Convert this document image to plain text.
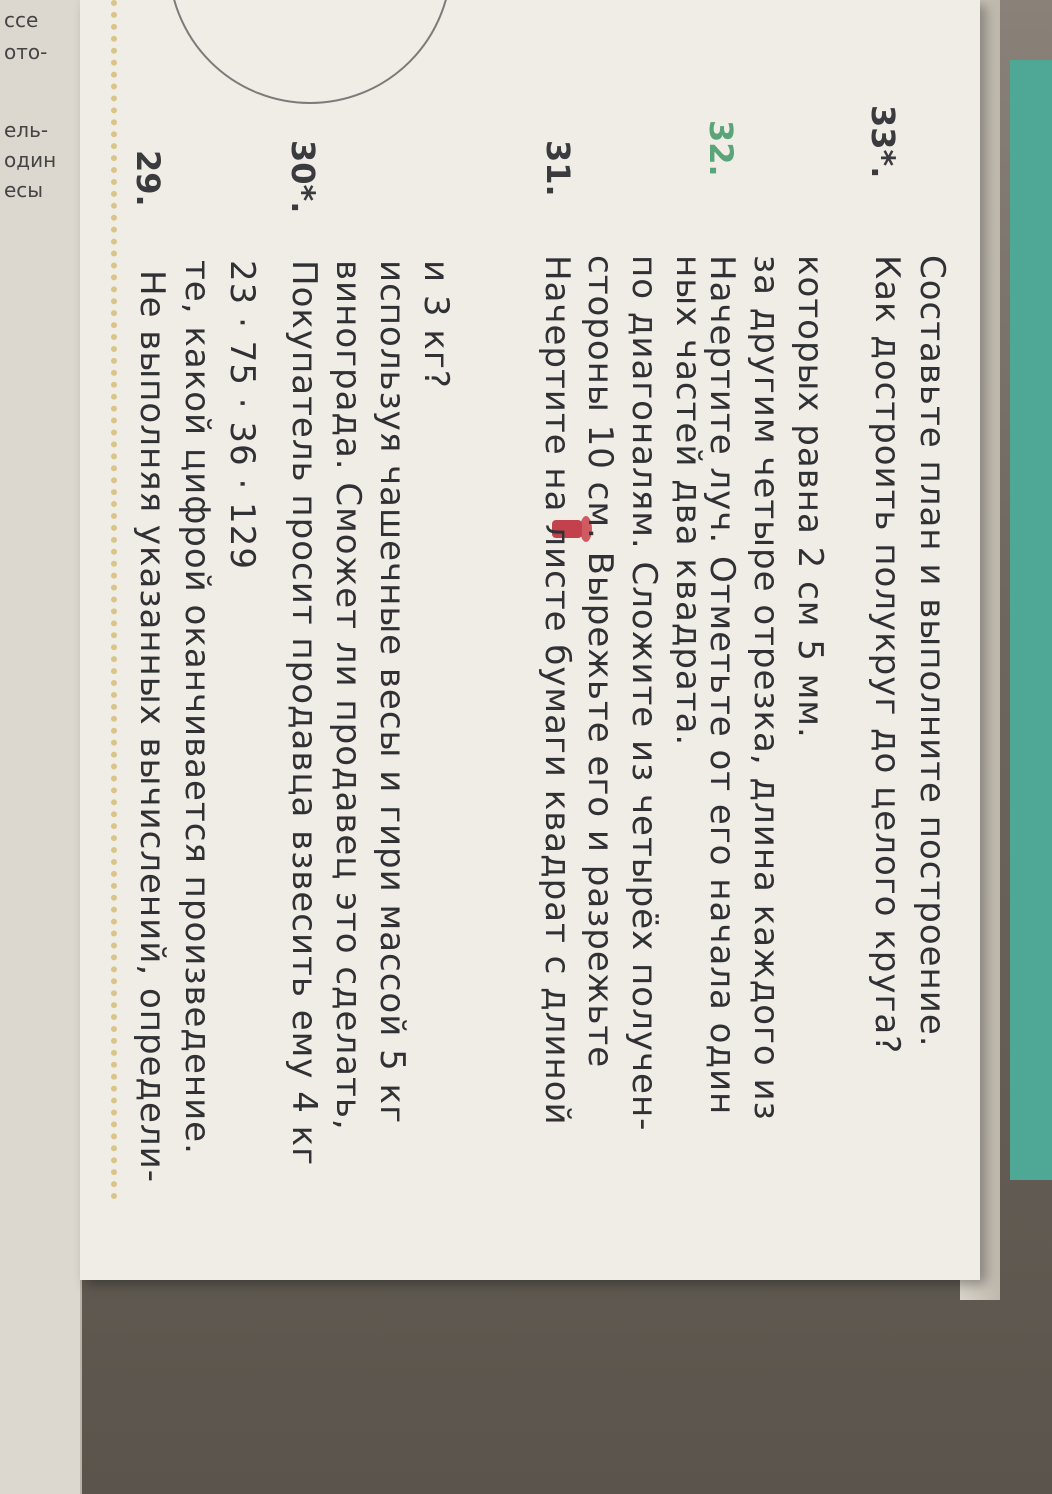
ссе
ото-
ель-
один
есы	29.
Не выполняя указанных вычислений, определи- те, какой цифрой оканчивается произведение. 23 · 75 · 36 · 129
30*.
Покупатель просит продавца взвесить ему 4 кг винограда. Сможет ли продавец это сделать, используя чашечные весы и гири массой 5 кг и 3 кг?
31.
Начертите на листе бумаги квадрат с длиной стороны 10 см. Вырежьте его и разрежьте по диагоналям. Сложите из четырёх получен- ных частей два квадрата.
32.
Начертите луч. Отметьте от его начала один за другим четыре отрезка, длина каждого из которых равна 2 см 5 мм.
33*.
Как достроить полукруг до целого круга? Составьте план и выполните построение.
